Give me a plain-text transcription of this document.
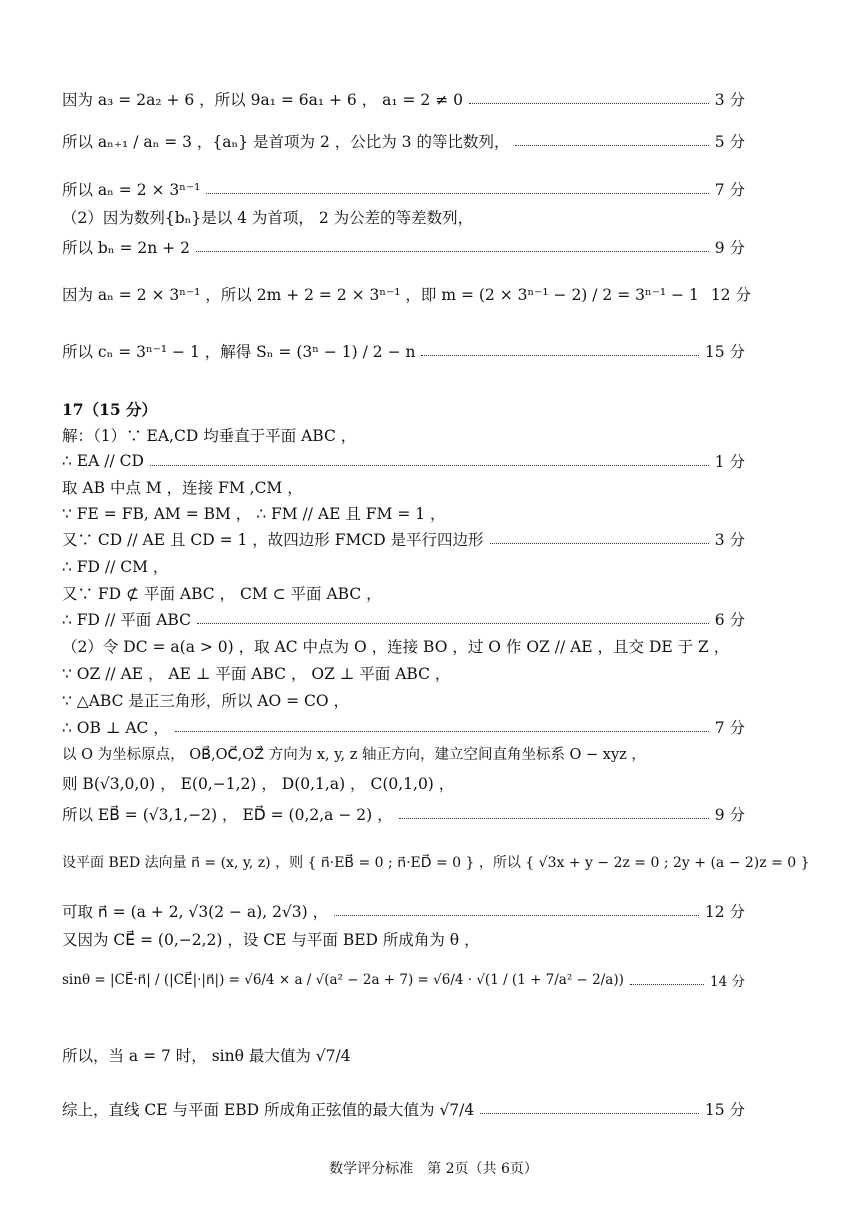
因为 a₃ = 2a₂ + 6 ，所以 9a₁ = 6a₁ + 6 ， a₁ = 2 ≠ 0	3 分
所以 aₙ₊₁ / aₙ = 3 ，{aₙ} 是首项为 2 ，公比为 3 的等比数列，	5 分
所以 aₙ = 2 × 3ⁿ⁻¹	7 分
（2）因为数列{bₙ}是以 4 为首项， 2 为公差的等差数列，
所以 bₙ = 2n + 2	9 分
因为 aₙ = 2 × 3ⁿ⁻¹ ，所以 2m + 2 = 2 × 3ⁿ⁻¹ ，即 m = (2 × 3ⁿ⁻¹ − 2) / 2 = 3ⁿ⁻¹ − 1 12 分
所以 cₙ = 3ⁿ⁻¹ − 1 ，解得 Sₙ = (3ⁿ − 1) / 2 − n	15 分
17（15 分）
解：（1）∵ EA,CD 均垂直于平面 ABC ，
∴ EA // CD	1 分
取 AB 中点 M ，连接 FM ,CM ，
∵ FE = FB, AM = BM ， ∴ FM // AE 且 FM = 1 ，
又∵ CD // AE 且 CD = 1 ，故四边形 FMCD 是平行四边形	3 分
∴ FD // CM ，
又∵ FD ⊄ 平面 ABC ， CM ⊂ 平面 ABC ，
∴ FD // 平面 ABC	6 分
（2）令 DC = a(a > 0) ，取 AC 中点为 O ，连接 BO ，过 O 作 OZ // AE ，且交 DE 于 Z ，
∵ OZ // AE ， AE ⊥ 平面 ABC ， OZ ⊥ 平面 ABC ，
∵ △ABC 是正三角形，所以 AO = CO ，
∴ OB ⊥ AC ，	7 分
以 O 为坐标原点， OB⃗,OC⃗,OZ⃗ 方向为 x, y, z 轴正方向，建立空间直角坐标系 O − xyz ，
则 B(√3,0,0) ， E(0,−1,2) ， D(0,1,a) ， C(0,1,0) ，
所以 EB⃗ = (√3,1,−2) ， ED⃗ = (0,2,a − 2) ，	9 分
设平面 BED 法向量 n⃗ = (x, y, z) ，则 { n⃗·EB⃗ = 0 ; n⃗·ED⃗ = 0 } ，所以 { √3x + y − 2z = 0 ; 2y + (a − 2)z = 0 }
可取 n⃗ = (a + 2, √3(2 − a), 2√3) ，	12 分
又因为 CE⃗ = (0,−2,2) ，设 CE 与平面 BED 所成角为 θ ，
sinθ = |CE⃗·n⃗| / (|CE⃗|·|n⃗|) = √6/4 × a / √(a² − 2a + 7) = √6/4 · √(1 / (1 + 7/a² − 2/a))	14 分
所以，当 a = 7 时， sinθ 最大值为 √7/4
综上，直线 CE 与平面 EBD 所成角正弦值的最大值为 √7/4	15 分
数学评分标准　第 2页（共 6页）
